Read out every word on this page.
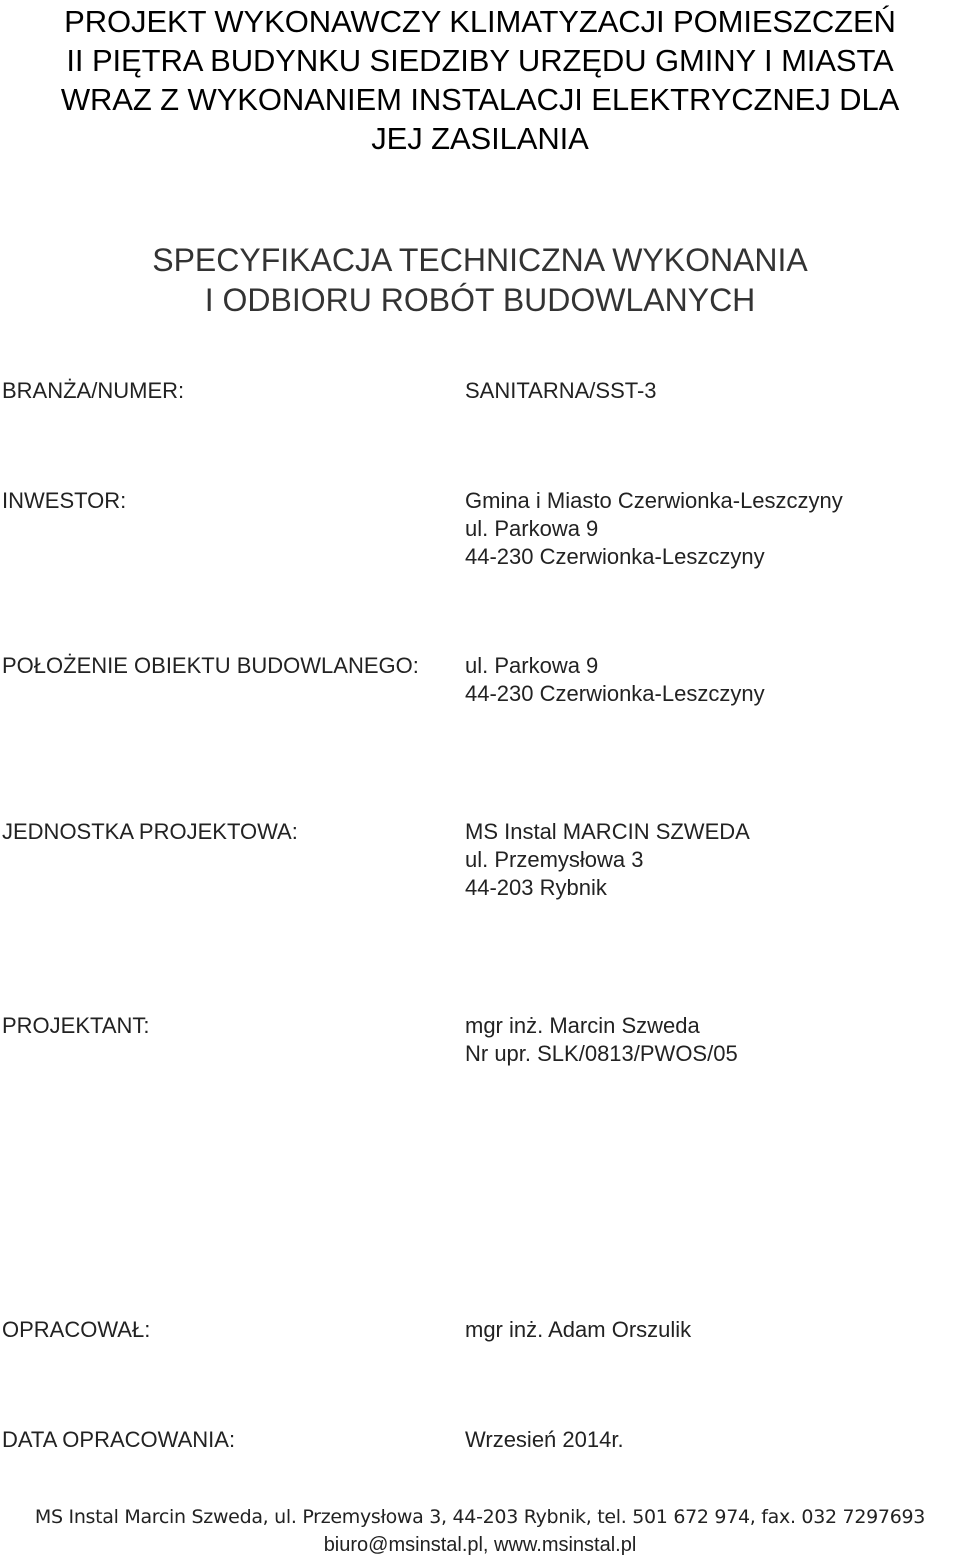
PROJEKT WYKONAWCZY KLIMATYZACJI POMIESZCZEŃ
II PIĘTRA BUDYNKU SIEDZIBY URZĘDU GMINY I MIASTA
WRAZ Z WYKONANIEM INSTALACJI ELEKTRYCZNEJ DLA
JEJ ZASILANIA
SPECYFIKACJA TECHNICZNA WYKONANIA
I ODBIORU ROBÓT BUDOWLANYCH
BRANŻA/NUMER:	SANITARNA/SST-3
INWESTOR:	Gmina i Miasto Czerwionka-Leszczyny
ul. Parkowa 9
44-230 Czerwionka-Leszczyny
POŁOŻENIE OBIEKTU BUDOWLANEGO: ul. Parkowa 9
44-230 Czerwionka-Leszczyny
JEDNOSTKA PROJEKTOWA:	MS Instal MARCIN SZWEDA
ul. Przemysłowa 3
44-203 Rybnik
PROJEKTANT:	mgr inż. Marcin Szweda
Nr upr. SLK/0813/PWOS/05
OPRACOWAŁ:	mgr inż. Adam Orszulik
DATA OPRACOWANIA:	Wrzesień 2014r.
MS Instal Marcin Szweda, ul. Przemysłowa 3, 44-203 Rybnik, tel. 501 672 974, fax. 032 7297693
biuro@msinstal.pl, www.msinstal.pl
